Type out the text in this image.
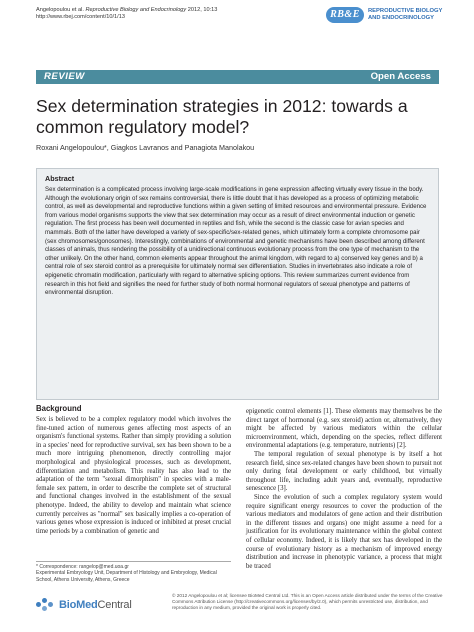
Angelopoulou et al. Reproductive Biology and Endocrinology 2012, 10:13
http://www.rbej.com/content/10/1/13	RB&E	REPRODUCTIVE BIOLOGY
AND ENDOCRINOLOGY
REVIEW	Open Access
Sex determination strategies in 2012: towards a common regulatory model?
Roxani Angelopoulou*, Giagkos Lavranos and Panagiota Manolakou
Abstract
Sex determination is a complicated process involving large-scale modifications in gene expression affecting virtually every tissue in the body. Although the evolutionary origin of sex remains controversial, there is little doubt that it has developed as a process of optimizing metabolic control, as well as developmental and reproductive functions within a given setting of limited resources and environmental pressure. Evidence from various model organisms supports the view that sex determination may occur as a result of direct environmental induction or genetic regulation. The first process has been well documented in reptiles and fish, while the second is the classic case for avian species and mammals. Both of the latter have developed a variety of sex-specific/sex-related genes, which ultimately form a complete chromosome pair (sex chromosomes/gonosomes). Interestingly, combinations of environmental and genetic mechanisms have been described among different classes of animals, thus rendering the possibility of a unidirectional continuous evolutionary process from the one type of mechanism to the other unlikely. On the other hand, common elements appear throughout the animal kingdom, with regard to a) conserved key genes and b) a central role of sex steroid control as a prerequisite for ultimately normal sex differentiation. Studies in invertebrates also indicate a role of epigenetic chromatin modification, particularly with regard to alternative splicing options. This review summarizes current evidence from research in this hot field and signifies the need for further study of both normal hormonal regulators of sexual phenotype and patterns of environmental disruption.
Background

Sex is believed to be a complex regulatory model which involves the fine-tuned action of numerous genes affecting most aspects of an organism's functional systems. Rather than simply providing a solution in a species' need for reproductive survival, sex has been shown to be a much more intriguing phenomenon, directly controlling major morphological and physiological processes, such as development, differentiation and metabolism. This reality has also lead to the adaptation of the term "sexual dimorphism" in species with a male-female sex pattern, in order to describe the complete set of structural and functional changes involved in the establishment of the sexual phenotype. Indeed, the ability to develop and maintain what science currently perceives as "normal" sex basically implies a co-operation of various genes whose expression is induced or inhibited at preset crucial time periods by a combination of genetic and

epigenetic control elements [1]. These elements may themselves be the direct target of hormonal (e.g. sex steroid) action or, alternatively, they might be affected by various mediators within the cellular microenvironment, which, depending on the species, reflect different environmental adaptations (e.g. temperature, nutrients) [2].

The temporal regulation of sexual phenotype is by itself a hot research field, since sex-related changes have been shown to pursuit not only during fetal development or early childhood, but virtually throughout life, including adult years and, eventually, reproductive senescence [3].

Since the evolution of such a complex regulatory system would require significant energy resources to cover the production of the various mediators and modulators of gene action and their distribution in the different tissues and organs) one might assume a need for a justification for its evolutionary maintenance within the global context of cellular economy. Indeed, it is likely that sex has developed in the course of evolutionary history as a mechanism of improved energy distribution and increase in phenotypic variance, a process that might be traced

* Correspondence: rangelop@med.uoa.gr
Experimental Embryology Unit, Department of Histology and Embryology, Medical School, Athens University, Athens, Greece
BioMedCentral
© 2012 Angelopoulou et al; licensee BioMed Central Ltd. This is an Open Access article distributed under the terms of the Creative Commons Attribution License (http://creativecommons.org/licenses/by/2.0), which permits unrestricted use, distribution, and reproduction in any medium, provided the original work is properly cited.
